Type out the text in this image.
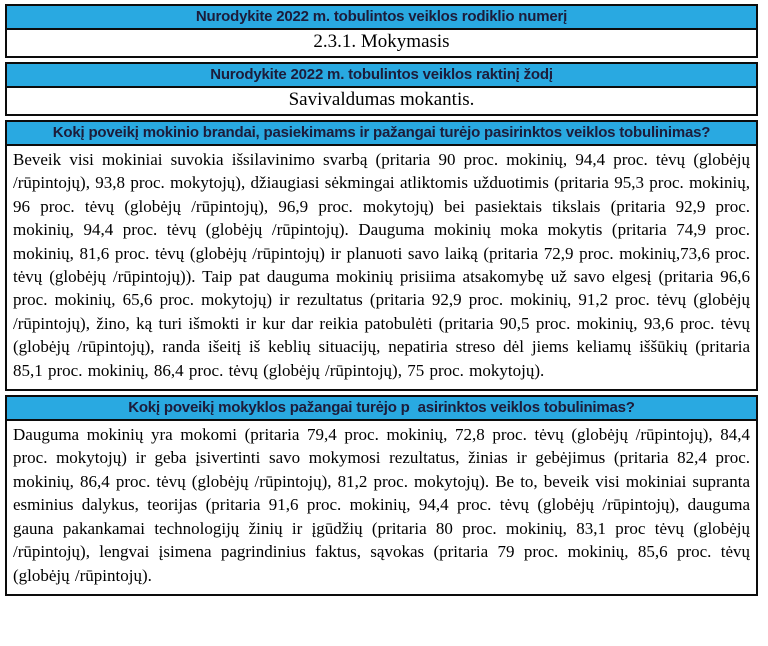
Nurodykite 2022 m. tobulintos veiklos rodiklio numerį
2.3.1. Mokymasis
Nurodykite 2022 m. tobulintos veiklos raktinį žodį
Savivaldumas mokantis.
Kokį poveikį mokinio brandai, pasiekimams ir pažangai turėjo pasirinktos veiklos tobulinimas?
Beveik visi mokiniai suvokia išsilavinimo svarbą (pritaria 90 proc. mokinių, 94,4 proc. tėvų (globėjų /rūpintojų), 93,8 proc. mokytojų), džiaugiasi sėkmingai atliktomis užduotimis (pritaria 95,3 proc. mokinių, 96 proc. tėvų (globėjų /rūpintojų), 96,9 proc. mokytojų) bei pasiektais tikslais (pritaria 92,9 proc. mokinių, 94,4 proc. tėvų (globėjų /rūpintojų). Dauguma mokinių moka mokytis (pritaria 74,9 proc. mokinių, 81,6 proc. tėvų (globėjų /rūpintojų) ir planuoti savo laiką (pritaria 72,9 proc. mokinių,73,6 proc. tėvų (globėjų /rūpintojų)). Taip pat dauguma mokinių prisiima atsakomybę už savo elgesį (pritaria 96,6 proc. mokinių, 65,6 proc. mokytojų) ir rezultatus (pritaria 92,9 proc. mokinių, 91,2 proc. tėvų (globėjų /rūpintojų), žino, ką turi išmokti ir kur dar reikia patobulėti (pritaria 90,5 proc. mokinių, 93,6 proc. tėvų (globėjų /rūpintojų), randa išeitį iš keblių situacijų, nepatiria streso dėl jiems keliamų iššūkių (pritaria 85,1 proc. mokinių, 86,4 proc. tėvų (globėjų /rūpintojų), 75 proc. mokytojų).
Kokį poveikį mokyklos pažangai turėjo p  asirinktos veiklos tobulinimas?
Dauguma mokinių yra mokomi (pritaria 79,4 proc. mokinių, 72,8 proc. tėvų (globėjų /rūpintojų), 84,4 proc. mokytojų) ir geba įsivertinti savo mokymosi rezultatus, žinias ir gebėjimus (pritaria 82,4 proc. mokinių, 86,4 proc. tėvų (globėjų /rūpintojų), 81,2 proc. mokytojų). Be to, beveik visi mokiniai supranta esminius dalykus, teorijas (pritaria 91,6 proc. mokinių, 94,4 proc. tėvų (globėjų /rūpintojų), dauguma gauna pakankamai technologijų žinių ir įgūdžių (pritaria 80 proc. mokinių, 83,1 proc tėvų (globėjų /rūpintojų), lengvai įsimena pagrindinius faktus, sąvokas (pritaria 79 proc. mokinių, 85,6 proc. tėvų (globėjų /rūpintojų).
